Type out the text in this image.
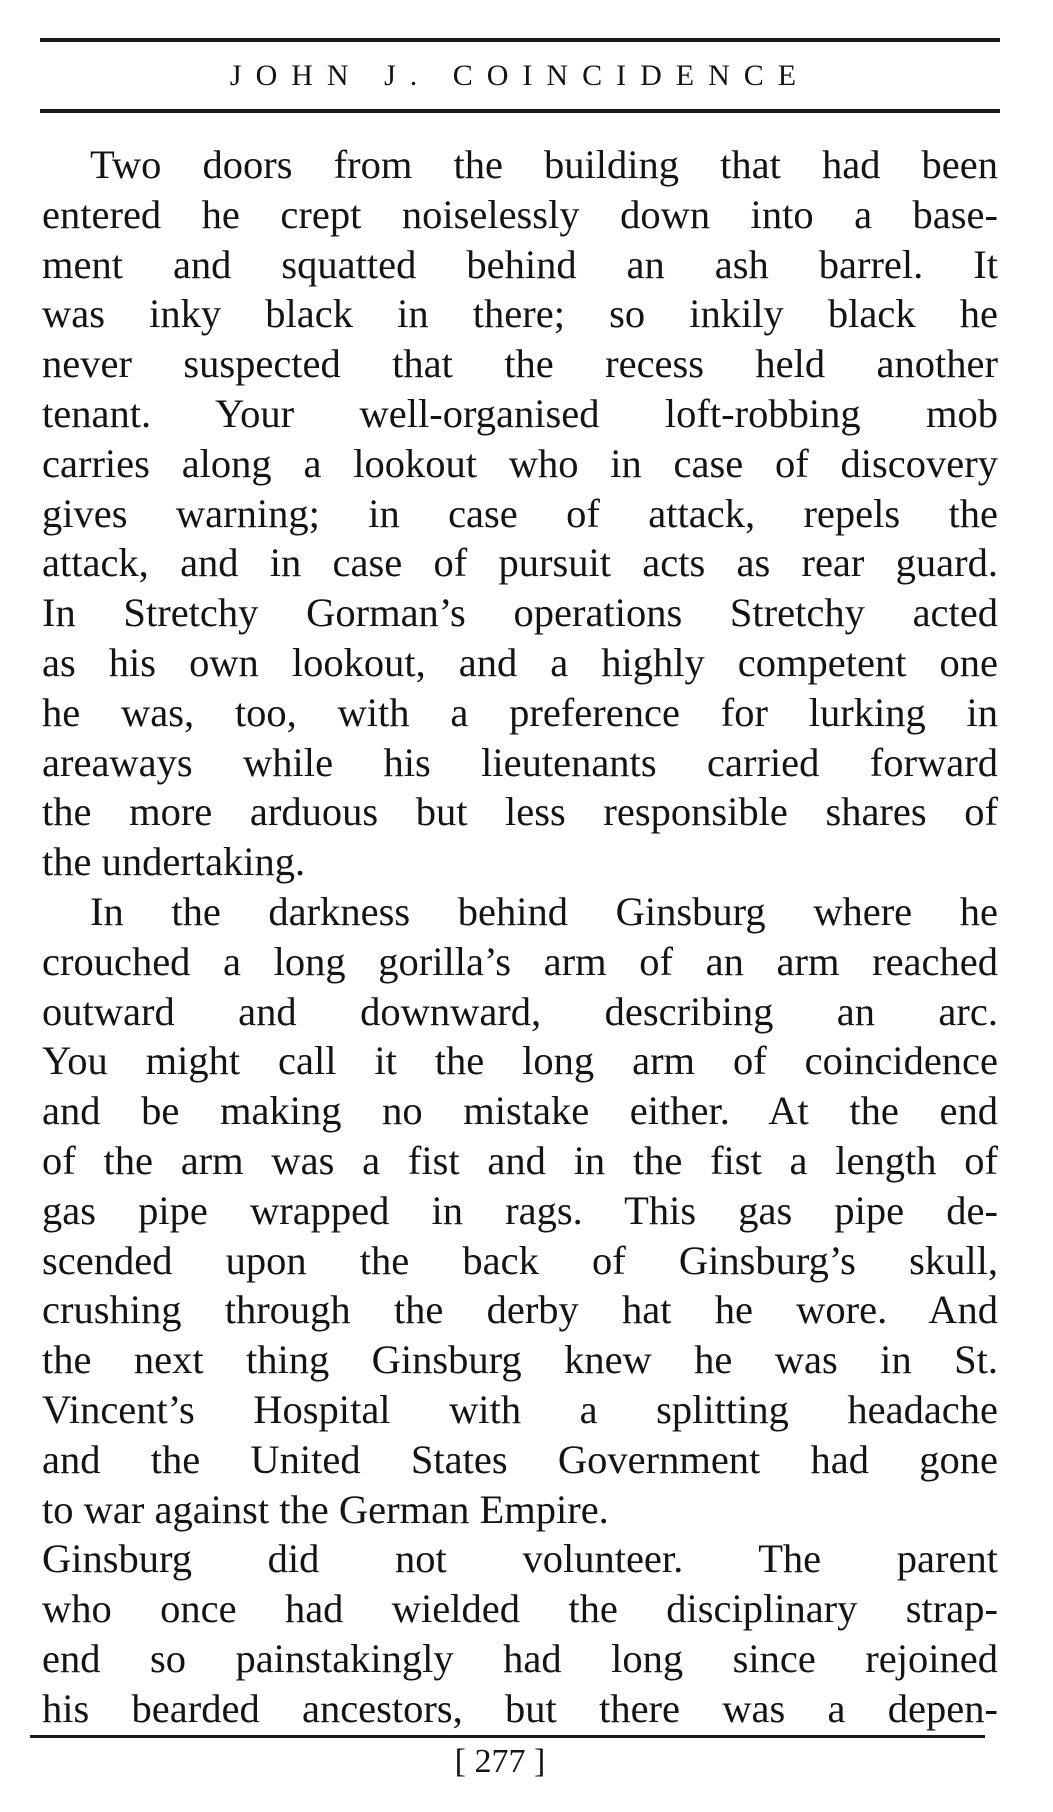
JOHN J. COINCIDENCE
Two doors from the building that had been
entered he crept noiselessly down into a base-
ment and squatted behind an ash barrel. It
was inky black in there; so inkily black he
never suspected that the recess held another
tenant. Your well-organised loft-robbing mob
carries along a lookout who in case of discovery
gives warning; in case of attack, repels the
attack, and in case of pursuit acts as rear guard.
In Stretchy Gorman’s operations Stretchy acted
as his own lookout, and a highly competent one
he was, too, with a preference for lurking in
areaways while his lieutenants carried forward
the more arduous but less responsible shares of
the undertaking.
In the darkness behind Ginsburg where he
crouched a long gorilla’s arm of an arm reached
outward and downward, describing an arc.
You might call it the long arm of coincidence
and be making no mistake either. At the end
of the arm was a fist and in the fist a length of
gas pipe wrapped in rags. This gas pipe de-
scended upon the back of Ginsburg’s skull,
crushing through the derby hat he wore. And
the next thing Ginsburg knew he was in St.
Vincent’s Hospital with a splitting headache
and the United States Government had gone
to war against the German Empire.
Ginsburg did not volunteer. The parent
who once had wielded the disciplinary strap-
end so painstakingly had long since rejoined
his bearded ancestors, but there was a depen-
[ 277 ]
